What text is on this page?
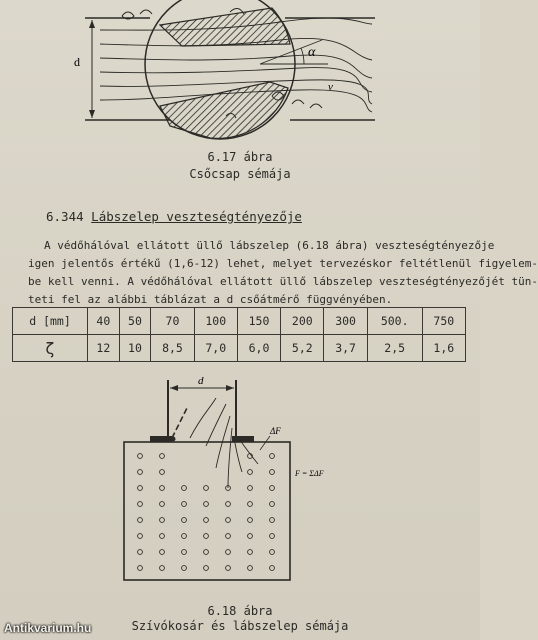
d
α
v
6.17 ábra
Csőcsap sémája
6.344 Lábszelep veszteségtényezője
A védőhálóval ellátott üllő lábszelep (6.18 ábra) veszteségtényezője
igen jelentős értékű (1,6-12) lehet, melyet tervezéskor feltétlenül figyelem-
be kell venni. A védőhálóval ellátott üllő lábszelep veszteségtényezőjét tün-
teti fel az alábbi táblázat a d csőátmérő függvényében.
d [mm]	40	50	70	100	150	200	300	500.	750
ζ	12	10	8,5	7,0	6,0	5,2	3,7	2,5	1,6
d
ΔF
F = ΣΔF
6.18 ábra
Szívókosár és lábszelep sémája
Antikvarium.hu
